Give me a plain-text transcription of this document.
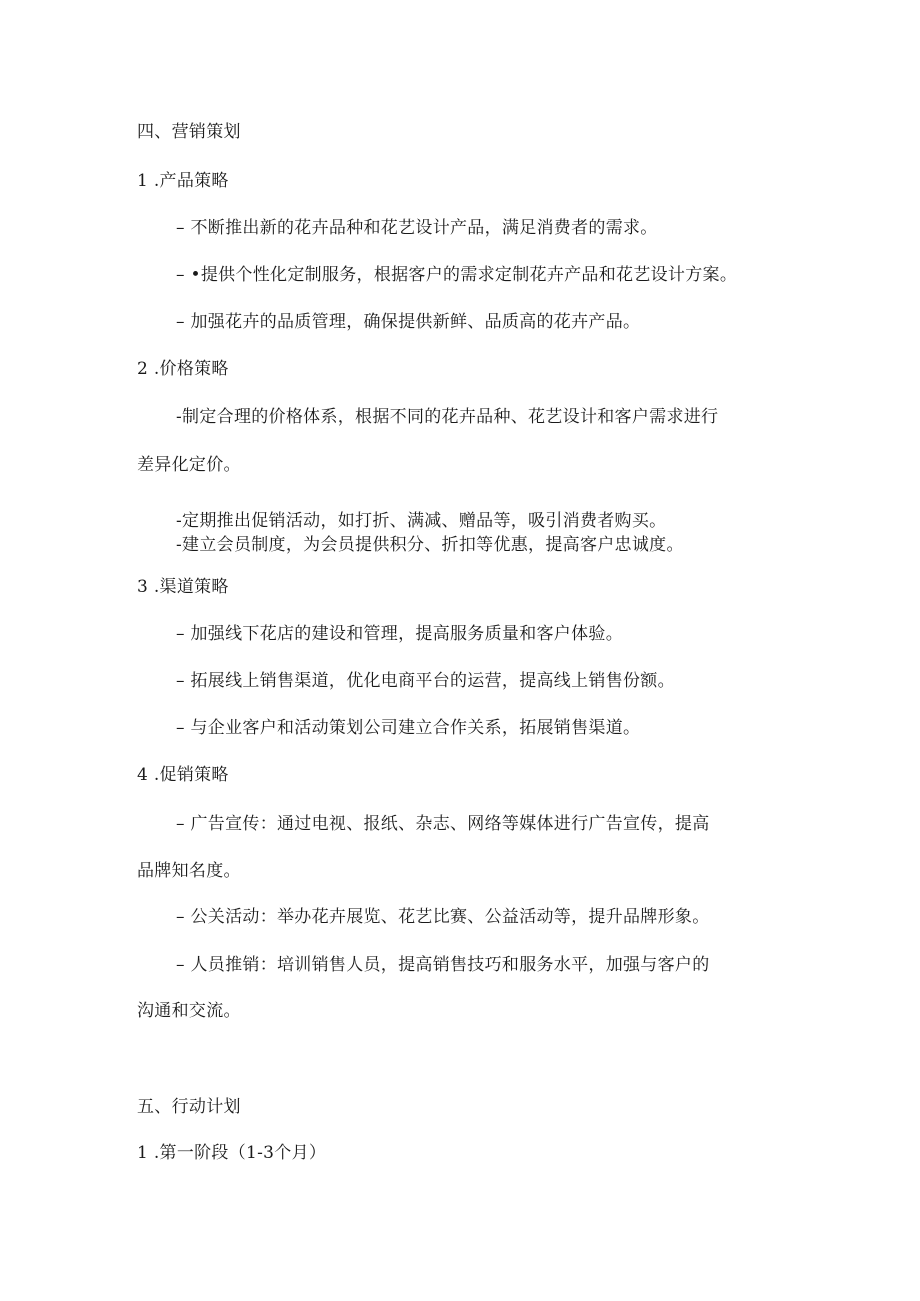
四、营销策划
1 .产品策略
– 不断推出新的花卉品种和花艺设计产品，满足消费者的需求。
– •提供个性化定制服务，根据客户的需求定制花卉产品和花艺设计方案。
– 加强花卉的品质管理，确保提供新鲜、品质高的花卉产品。
2 .价格策略
-制定合理的价格体系，根据不同的花卉品种、花艺设计和客户需求进行
差异化定价。
-定期推出促销活动，如打折、满减、赠品等，吸引消费者购买。
-建立会员制度，为会员提供积分、折扣等优惠，提高客户忠诚度。
3 .渠道策略
– 加强线下花店的建设和管理，提高服务质量和客户体验。
– 拓展线上销售渠道，优化电商平台的运营，提高线上销售份额。
– 与企业客户和活动策划公司建立合作关系，拓展销售渠道。
4 .促销策略
– 广告宣传：通过电视、报纸、杂志、网络等媒体进行广告宣传，提高
品牌知名度。
– 公关活动：举办花卉展览、花艺比赛、公益活动等，提升品牌形象。
– 人员推销：培训销售人员，提高销售技巧和服务水平，加强与客户的
沟通和交流。
五、行动计划
1 .第一阶段（1-3个月）
